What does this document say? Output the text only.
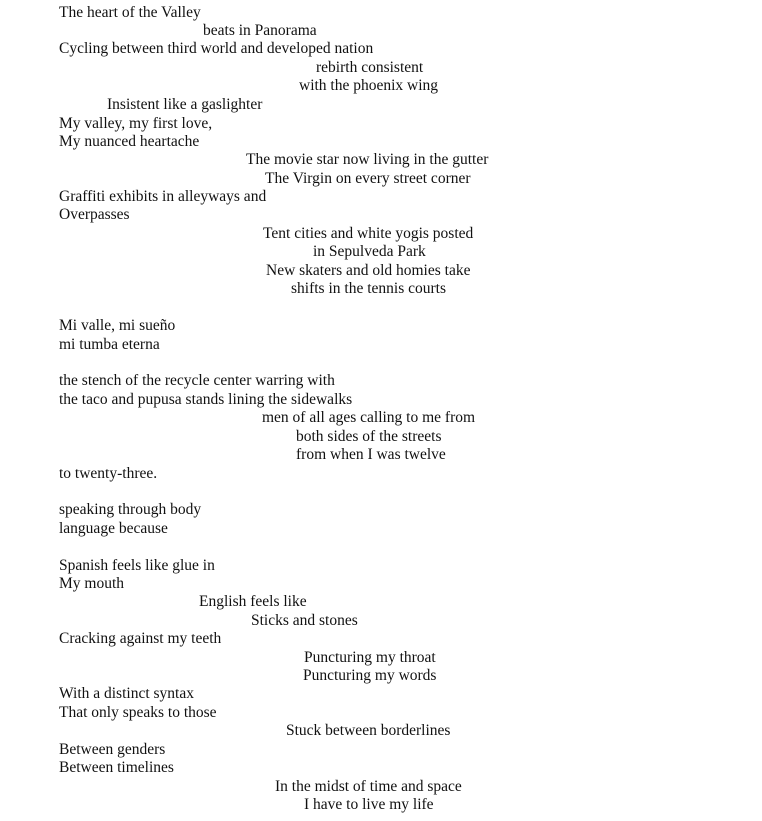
The heart of the Valley

beats in Panorama

Cycling between third world and developed nation

rebirth consistent

with the phoenix wing

Insistent like a gaslighter

My valley, my first love,

My nuanced heartache

The movie star now living in the gutter

The Virgin on every street corner

Graffiti exhibits in alleyways and

Overpasses

Tent cities and white yogis posted

in Sepulveda Park

New skaters and old homies take

shifts in the tennis courts

Mi valle, mi sueño

mi tumba eterna

the stench of the recycle center warring with

the taco and pupusa stands lining the sidewalks

men of all ages calling to me from

both sides of the streets

from when I was twelve

to twenty-three.

speaking through body

language because

Spanish feels like glue in

My mouth

English feels like

Sticks and stones

Cracking against my teeth

Puncturing my throat

Puncturing my words

With a distinct syntax

That only speaks to those

Stuck between borderlines

Between genders

Between timelines

In the midst of time and space

I have to live my life
